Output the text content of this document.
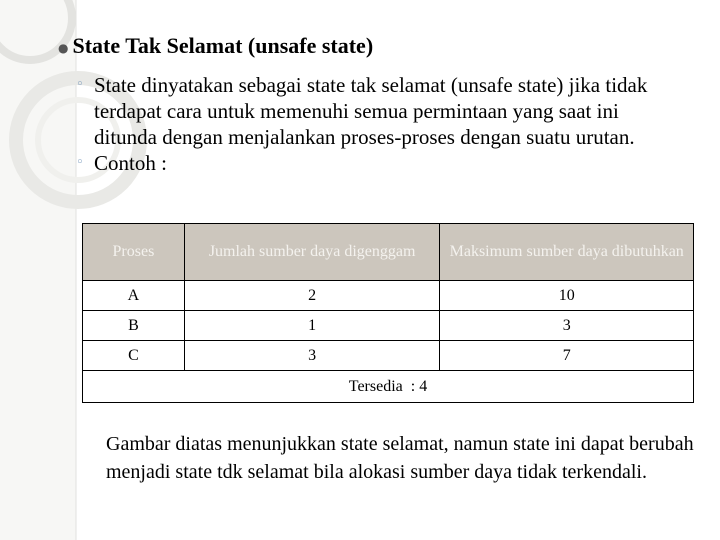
● State Tak Selamat (unsafe state)
◦ State dinyatakan sebagai state tak selamat (unsafe state) jika tidak terdapat cara untuk memenuhi semua permintaan yang saat ini ditunda dengan menjalankan proses-proses dengan suatu urutan.
◦ Contoh :
Proses	Jumlah sumber daya digenggam	Maksimum sumber daya dibutuhkan
A	2	10
B	1	3
C	3	7
Tersedia  : 4		
Gambar diatas menunjukkan state selamat, namun state ini dapat berubah menjadi state tdk selamat bila alokasi sumber daya tidak terkendali.
